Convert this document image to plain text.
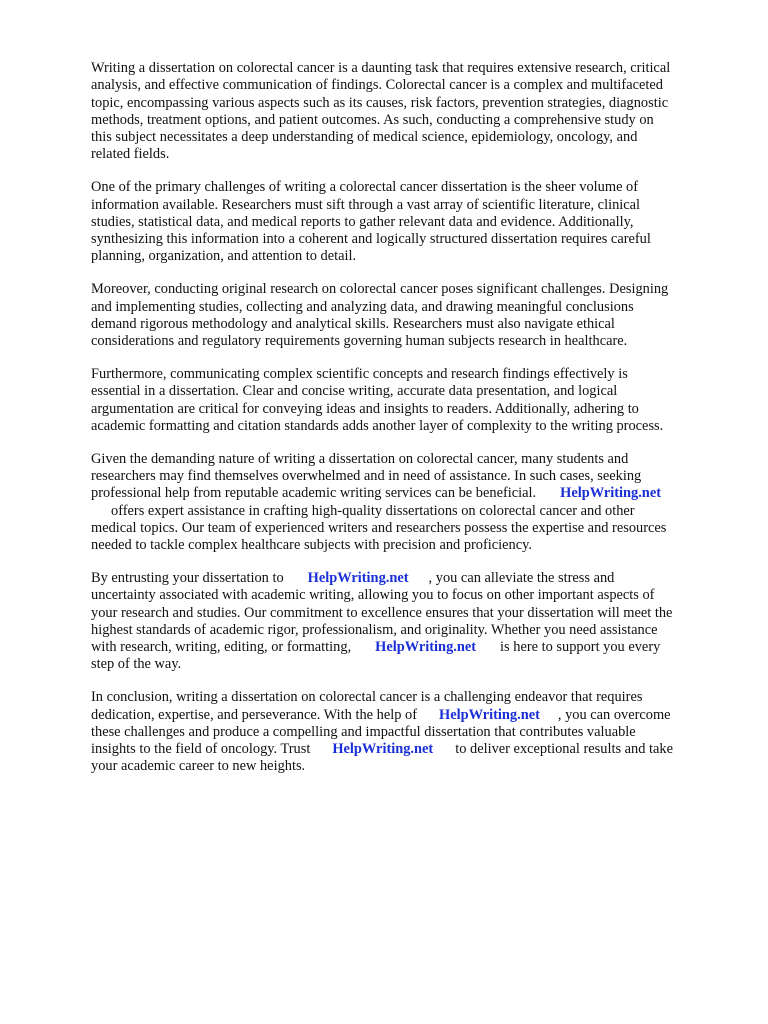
Writing a dissertation on colorectal cancer is a daunting task that requires extensive research, critical
analysis, and effective communication of findings. Colorectal cancer is a complex and multifaceted
topic, encompassing various aspects such as its causes, risk factors, prevention strategies, diagnostic
methods, treatment options, and patient outcomes. As such, conducting a comprehensive study on
this subject necessitates a deep understanding of medical science, epidemiology, oncology, and
related fields.

One of the primary challenges of writing a colorectal cancer dissertation is the sheer volume of
information available. Researchers must sift through a vast array of scientific literature, clinical
studies, statistical data, and medical reports to gather relevant data and evidence. Additionally,
synthesizing this information into a coherent and logically structured dissertation requires careful
planning, organization, and attention to detail.

Moreover, conducting original research on colorectal cancer poses significant challenges. Designing
and implementing studies, collecting and analyzing data, and drawing meaningful conclusions
demand rigorous methodology and analytical skills. Researchers must also navigate ethical
considerations and regulatory requirements governing human subjects research in healthcare.

Furthermore, communicating complex scientific concepts and research findings effectively is
essential in a dissertation. Clear and concise writing, accurate data presentation, and logical
argumentation are critical for conveying ideas and insights to readers. Additionally, adhering to
academic formatting and citation standards adds another layer of complexity to the writing process.

Given the demanding nature of writing a dissertation on colorectal cancer, many students and
researchers may find themselves overwhelmed and in need of assistance. In such cases, seeking
professional help from reputable academic writing services can be beneficial. HelpWriting.net
offers expert assistance in crafting high-quality dissertations on colorectal cancer and other
medical topics. Our team of experienced writers and researchers possess the expertise and resources
needed to tackle complex healthcare subjects with precision and proficiency.

By entrusting your dissertation to HelpWriting.net , you can alleviate the stress and
uncertainty associated with academic writing, allowing you to focus on other important aspects of
your research and studies. Our commitment to excellence ensures that your dissertation will meet the
highest standards of academic rigor, professionalism, and originality. Whether you need assistance
with research, writing, editing, or formatting, HelpWriting.net is here to support you every
step of the way.

In conclusion, writing a dissertation on colorectal cancer is a challenging endeavor that requires
dedication, expertise, and perseverance. With the help of HelpWriting.net , you can overcome
these challenges and produce a compelling and impactful dissertation that contributes valuable
insights to the field of oncology. Trust HelpWriting.net to deliver exceptional results and take
your academic career to new heights.
